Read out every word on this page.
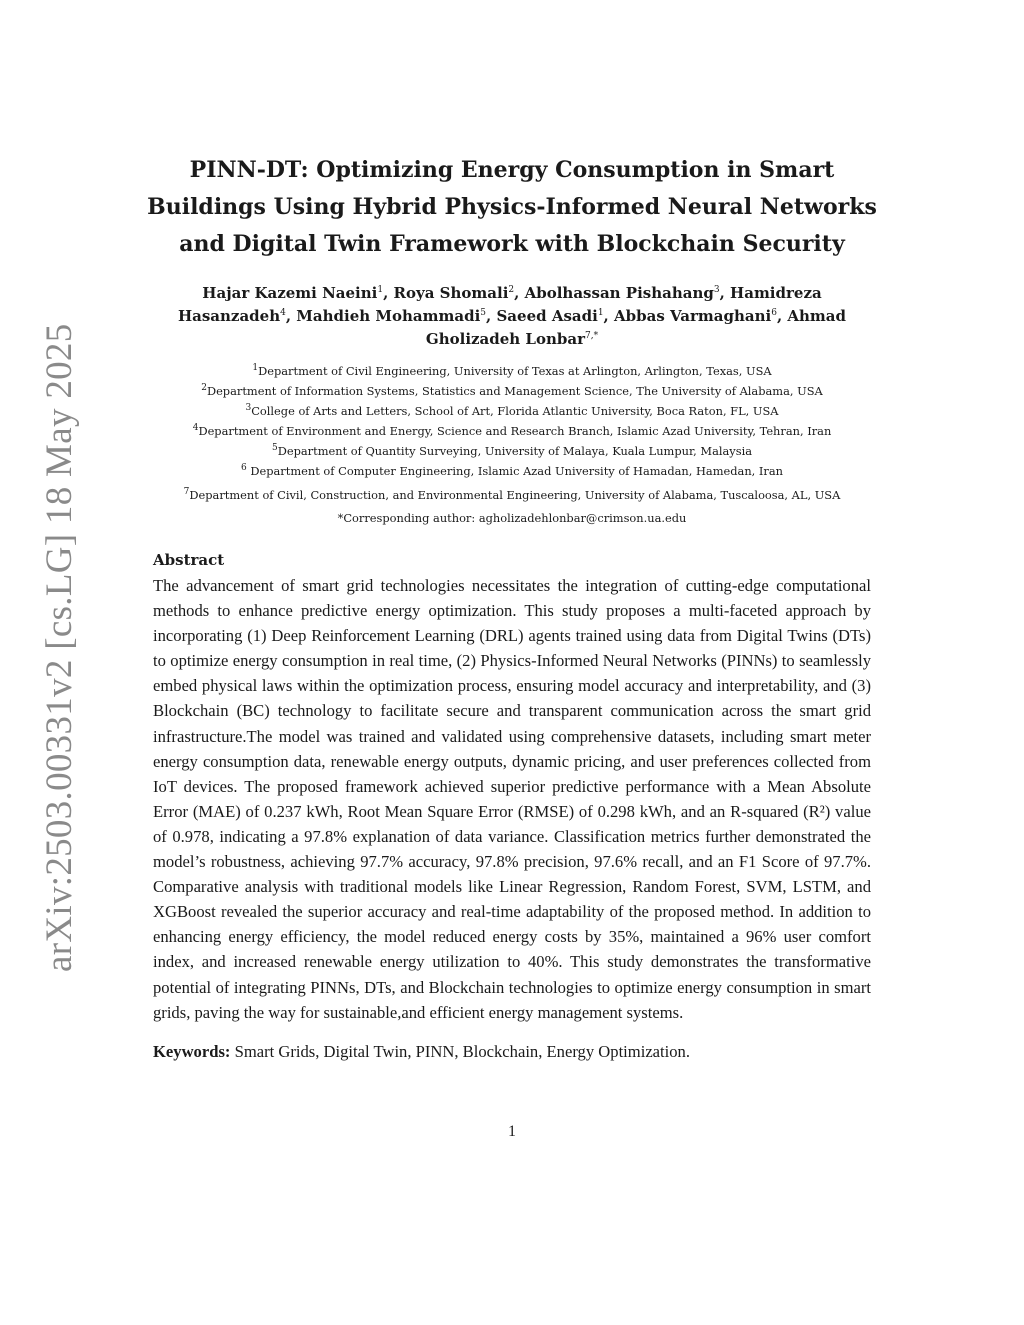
arXiv:2503.00331v2 [cs.LG] 18 May 2025
PINN-DT: Optimizing Energy Consumption in Smart
Buildings Using Hybrid Physics-Informed Neural Networks
and Digital Twin Framework with Blockchain Security
Hajar Kazemi Naeini$^1$, Roya Shomali$^2$, Abolhassan Pishahang$^3$, Hamidreza Hasanzadeh$^4$, Mahdieh Mohammadi$^5$, Saeed Asadi$^1$, Abbas Varmaghani$^6$, Ahmad Gholizadeh Lonbar$^{7,*}$
$^1$Department of Civil Engineering, University of Texas at Arlington, Arlington, Texas, USA
$^2$Department of Information Systems, Statistics and Management Science, The University of Alabama, USA
$^3$College of Arts and Letters, School of Art, Florida Atlantic University, Boca Raton, FL, USA
$^4$Department of Environment and Energy, Science and Research Branch, Islamic Azad University, Tehran, Iran
$^5$Department of Quantity Surveying, University of Malaya, Kuala Lumpur, Malaysia
$^6$ Department of Computer Engineering, Islamic Azad University of Hamadan, Hamedan, Iran
$^7$Department of Civil, Construction, and Environmental Engineering, University of Alabama, Tuscaloosa, AL, USA
*Corresponding author: agholizadehlonbar@crimson.ua.edu

Abstract

The advancement of smart grid technologies necessitates the integration of cutting-edge computational methods to enhance predictive energy optimization. This study proposes a multi-faceted approach by incorporating (1) Deep Reinforcement Learning (DRL) agents trained using data from Digital Twins (DTs) to optimize energy consumption in real time, (2) Physics-Informed Neural Networks (PINNs) to seamlessly embed physical laws within the optimization process, ensuring model accuracy and interpretability, and (3) Blockchain (BC) technology to facilitate secure and transparent communication across the smart grid infrastructure.The model was trained and validated using comprehensive datasets, including smart meter energy consumption data, renewable energy outputs, dynamic pricing, and user preferences collected from IoT devices. The proposed framework achieved superior predictive performance with a Mean Absolute Error (MAE) of 0.237 kWh, Root Mean Square Error (RMSE) of 0.298 kWh, and an R-squared (R²) value of 0.978, indicating a 97.8% explanation of data variance. Classification metrics further demonstrated the model’s robustness, achieving 97.7% accuracy, 97.8% precision, 97.6% recall, and an F1 Score of 97.7%. Comparative analysis with traditional models like Linear Regression, Random Forest, SVM, LSTM, and XGBoost revealed the superior accuracy and real-time adaptability of the proposed method. In addition to enhancing energy efficiency, the model reduced energy costs by 35%, maintained a 96% user comfort index, and increased renewable energy utilization to 40%. This study demonstrates the transformative potential of integrating PINNs, DTs, and Blockchain technologies to optimize energy consumption in smart grids, paving the way for sustainable,and efficient energy management systems.

Keywords: Smart Grids, Digital Twin, PINN, Blockchain, Energy Optimization.

1
